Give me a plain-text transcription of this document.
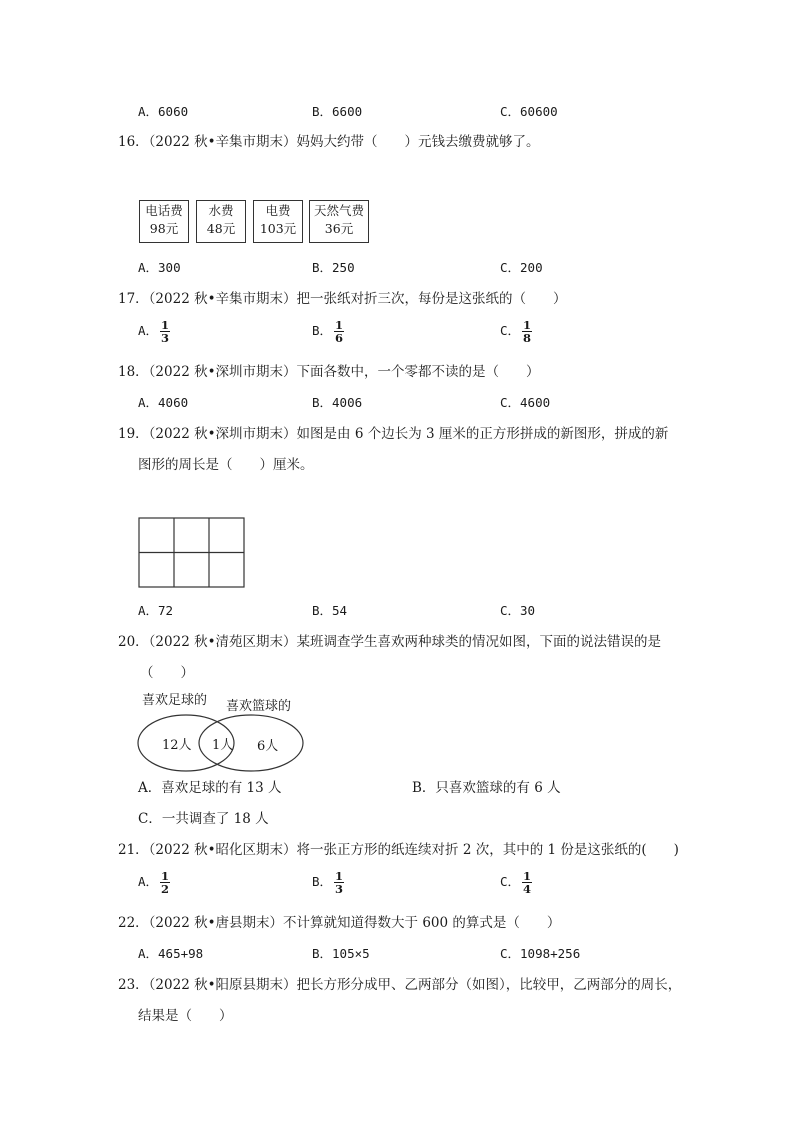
A．6060	B．6600	C．60600
16．（2022 秋•辛集市期末）妈妈大约带（　　）元钱去缴费就够了。
电话费
98元
水费
48元
电费
103元
天然气费
36元
A．300	B．250	C．200
17．（2022 秋•辛集市期末）把一张纸对折三次，每份是这张纸的（　　）
A． $\frac{1}{3}$	B． $\frac{1}{6}$	C． $\frac{1}{8}$
18．（2022 秋•深圳市期末）下面各数中，一个零都不读的是（　　）
A．4060	B．4006	C．4600
19．（2022 秋•深圳市期末）如图是由 6 个边长为 3 厘米的正方形拼成的新图形，拼成的新
图形的周长是（　　）厘米。
A．72	B．54	C．30
20．（2022 秋•清苑区期末）某班调查学生喜欢两种球类的情况如图，下面的说法错误的是
（　　）
喜欢足球的 喜欢篮球的
12人 1人 6人
A．喜欢足球的有 13 人	B．只喜欢篮球的有 6 人
C．一共调查了 18 人
21．（2022 秋•昭化区期末）将一张正方形的纸连续对折 2 次，其中的 1 份是这张纸的(　　)
A． $\frac{1}{2}$	B． $\frac{1}{3}$	C． $\frac{1}{4}$
22．（2022 秋•唐县期末）不计算就知道得数大于 600 的算式是（　　）
A．465+98	B．105×5	C．1098+256
23．（2022 秋•阳原县期末）把长方形分成甲、乙两部分（如图），比较甲，乙两部分的周长，
结果是（　　）
